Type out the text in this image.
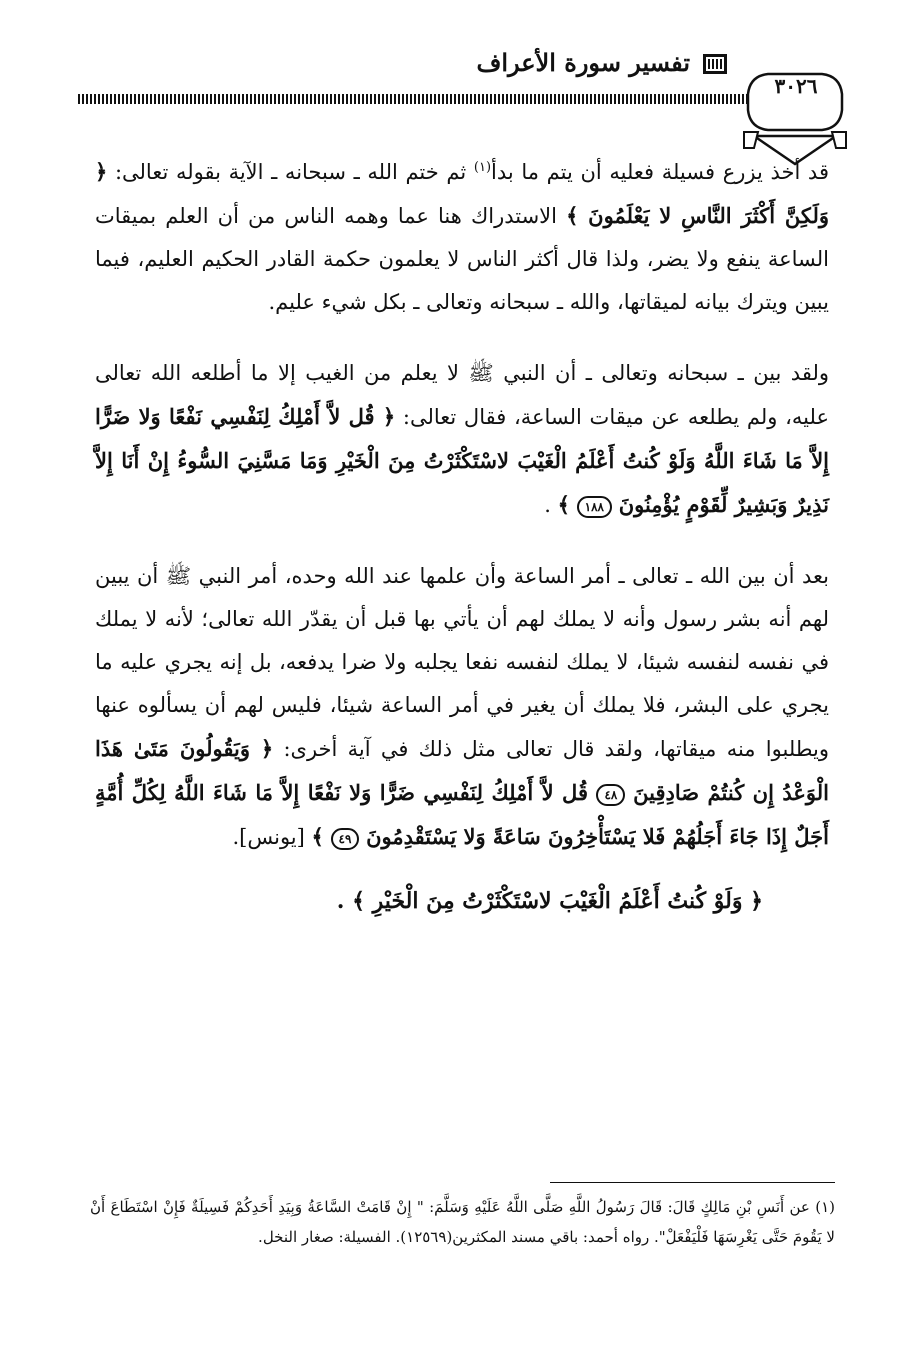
تفسير سورة الأعراف
٣٠٢٦

قد أخذ يزرع فسيلة فعليه أن يتم ما بدأ$^{(١)}$ ثم ختم الله ـ سبحانه ـ الآية بقوله تعالى: ﴿ وَلَكِنَّ أَكْثَرَ النَّاسِ لا يَعْلَمُونَ ﴾ الاستدراك هنا عما وهمه الناس من أن العلم بميقات الساعة ينفع ولا يضر، ولذا قال أكثر الناس لا يعلمون حكمة القادر الحكيم العليم، فيما يبين ويترك بيانه لميقاتها، والله ـ سبحانه وتعالى ـ بكل شيء عليم.

ولقد بين ـ سبحانه وتعالى ـ أن النبي ﷺ لا يعلم من الغيب إلا ما أطلعه الله تعالى عليه، ولم يطلعه عن ميقات الساعة، فقال تعالى: ﴿ قُل لاَّ أَمْلِكُ لِنَفْسِي نَفْعًا وَلا ضَرًّا إِلاَّ مَا شَاءَ اللَّهُ وَلَوْ كُنتُ أَعْلَمُ الْغَيْبَ لاسْتَكْثَرْتُ مِنَ الْخَيْرِ وَمَا مَسَّنِيَ السُّوءُ إِنْ أَنَا إِلاَّ نَذِيرٌ وَبَشِيرٌ لِّقَوْمٍ يُؤْمِنُونَ ١٨٨ ﴾ .

بعد أن بين الله ـ تعالى ـ أمر الساعة وأن علمها عند الله وحده، أمر النبي ﷺ أن يبين لهم أنه بشر رسول وأنه لا يملك لهم أن يأتي بها قبل أن يقدّر الله تعالى؛ لأنه لا يملك في نفسه لنفسه شيئا، لا يملك لنفسه نفعا يجلبه ولا ضرا يدفعه، بل إنه يجري عليه ما يجري على البشر، فلا يملك أن يغير في أمر الساعة شيئا، فليس لهم أن يسألوه عنها ويطلبوا منه ميقاتها، ولقد قال تعالى مثل ذلك في آية أخرى: ﴿ وَيَقُولُونَ مَتَىٰ هَذَا الْوَعْدُ إِن كُنتُمْ صَادِقِينَ ٤٨ قُل لاَّ أَمْلِكُ لِنَفْسِي ضَرًّا وَلا نَفْعًا إِلاَّ مَا شَاءَ اللَّهُ لِكُلِّ أُمَّةٍ أَجَلٌ إِذَا جَاءَ أَجَلُهُمْ فَلا يَسْتَأْخِرُونَ سَاعَةً وَلا يَسْتَقْدِمُونَ ٤٩ ﴾ [يونس].

﴿ وَلَوْ كُنتُ أَعْلَمُ الْغَيْبَ لاسْتَكْثَرْتُ مِنَ الْخَيْرِ ﴾ .

(١) عن أَنَسِ بْنِ مَالِكٍ قَالَ: قَالَ رَسُولُ اللَّهِ صَلَّى اللَّهُ عَلَيْهِ وَسَلَّمَ: " إِنْ قَامَتْ السَّاعَةُ وَبِيَدِ أَحَدِكُمْ فَسِيلَةٌ فَإِنْ اسْتَطَاعَ أَنْ لا يَقُومَ حَتَّى يَغْرِسَهَا فَلْيَفْعَلْ". رواه أحمد: باقي مسند المكثرين(١٢٥٦٩). الفسيلة: صغار النخل.
